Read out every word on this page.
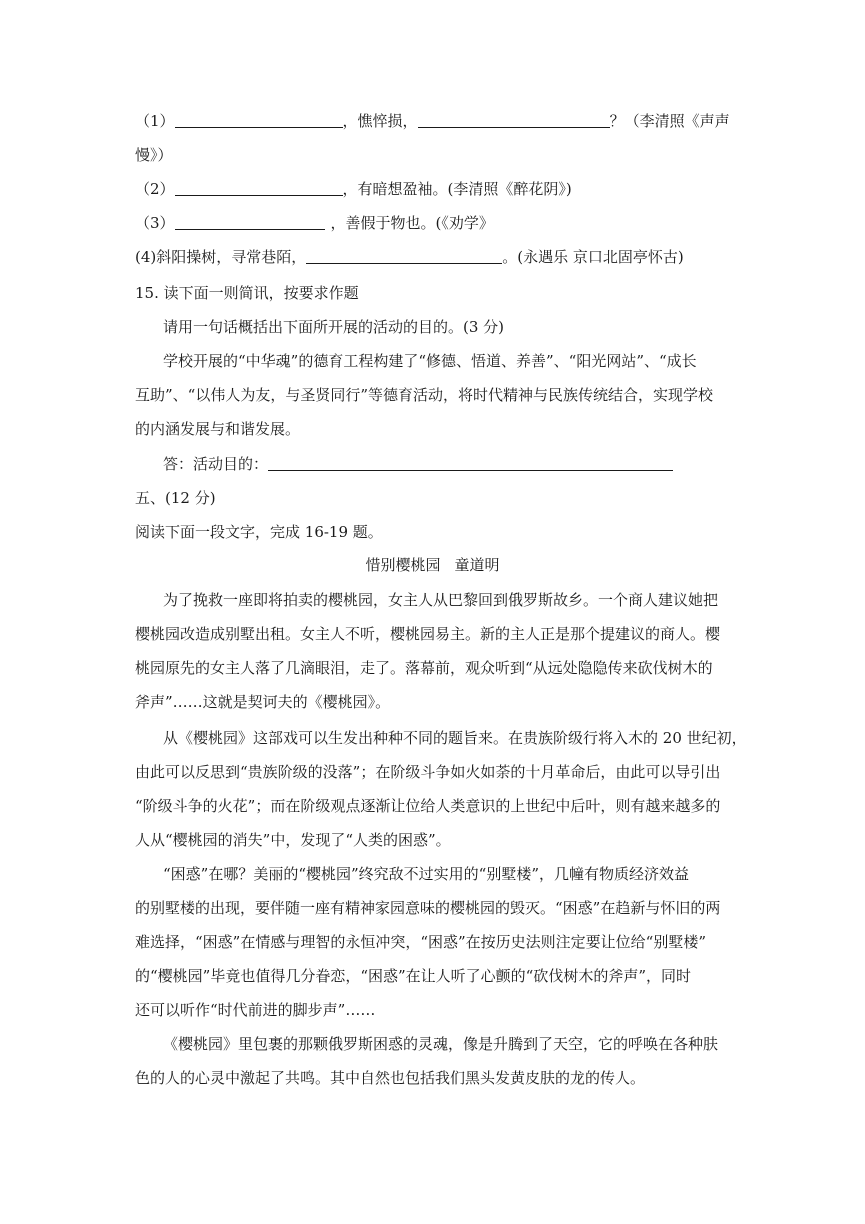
（1）	，憔悴损，	？（李清照《声声
慢》）
（2）	，有暗想盈袖。(李清照《醉花阴》)
（3）	，善假于物也。(《劝学》
(4)斜阳操树，寻常巷陌，	。(永遇乐 京口北固亭怀古)
15. 读下面一则简讯，按要求作题
请用一句话概括出下面所开展的活动的目的。(3 分)
学校开展的“中华魂”的德育工程构建了“修德、悟道、养善”、“阳光网站”、“成长
互助”、“以伟人为友，与圣贤同行”等德育活动，将时代精神与民族传统结合，实现学校
的内涵发展与和谐发展。
答：活动目的：
五、(12 分)
阅读下面一段文字，完成 16-19 题。
惜别樱桃园 童道明
为了挽救一座即将拍卖的樱桃园，女主人从巴黎回到俄罗斯故乡。一个商人建议她把
樱桃园改造成别墅出租。女主人不听，樱桃园易主。新的主人正是那个提建议的商人。樱
桃园原先的女主人落了几滴眼泪，走了。落幕前，观众听到“从远处隐隐传来砍伐树木的
斧声”……这就是契诃夫的《樱桃园》。
从《樱桃园》这部戏可以生发出种种不同的题旨来。在贵族阶级行将入木的 20 世纪初，
由此可以反思到“贵族阶级的没落”；在阶级斗争如火如荼的十月革命后，由此可以导引出
“阶级斗争的火花”；而在阶级观点逐渐让位给人类意识的上世纪中后叶，则有越来越多的
人从“樱桃园的消失”中，发现了“人类的困惑”。
“困惑”在哪？美丽的“樱桃园”终究敌不过实用的“别墅楼”，几幢有物质经济效益
的别墅楼的出现，要伴随一座有精神家园意味的樱桃园的毁灭。“困惑”在趋新与怀旧的两
难选择，“困惑”在情感与理智的永恒冲突，“困惑”在按历史法则注定要让位给“别墅楼”
的“樱桃园”毕竟也值得几分眷恋，“困惑”在让人听了心颤的“砍伐树木的斧声”，同时
还可以听作“时代前进的脚步声”……
《樱桃园》里包裹的那颗俄罗斯困惑的灵魂，像是升腾到了天空，它的呼唤在各种肤
色的人的心灵中激起了共鸣。其中自然也包括我们黑头发黄皮肤的龙的传人。
